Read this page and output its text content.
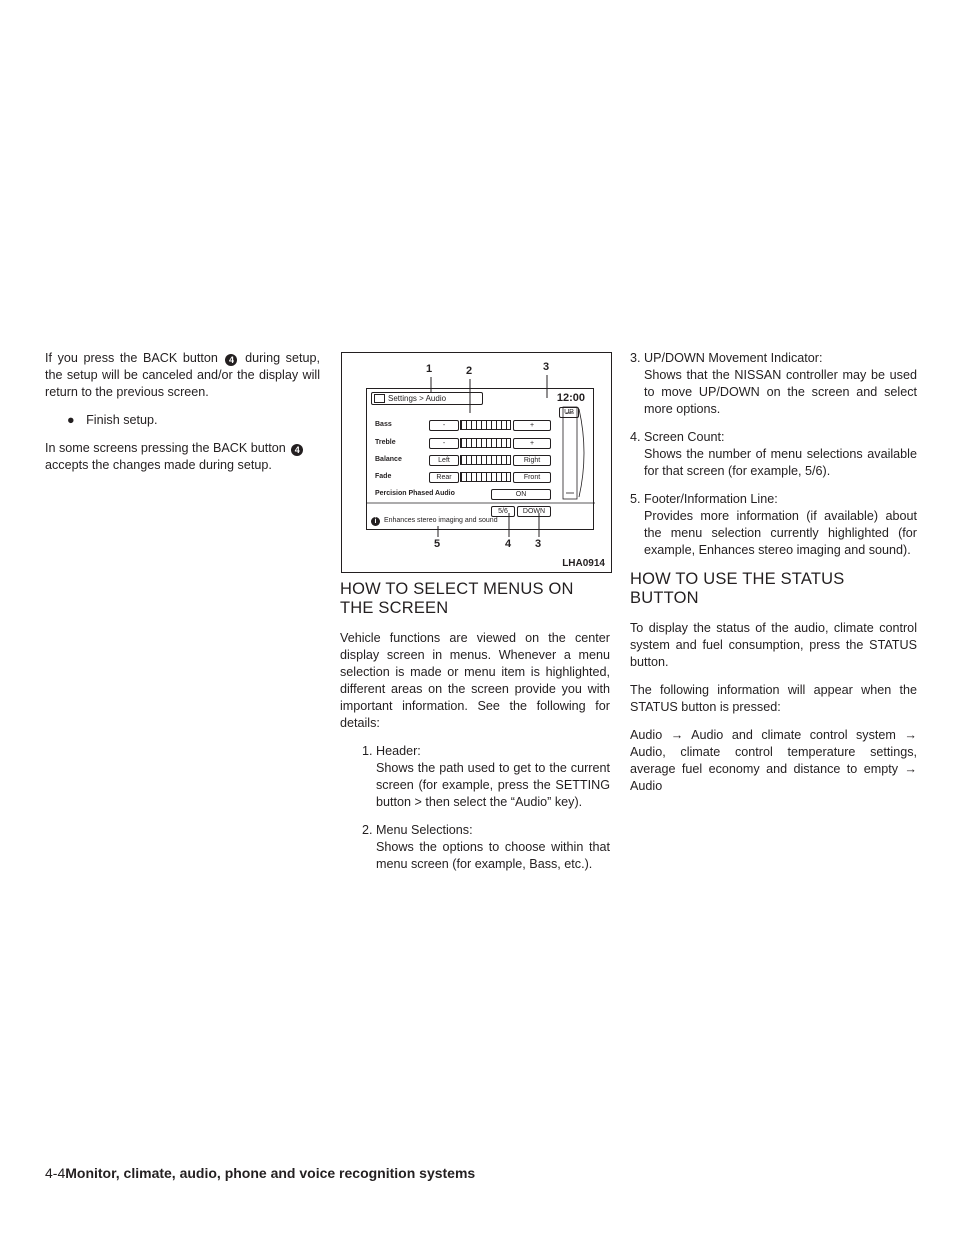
If you press the BACK button 4 during setup, the setup will be canceled and/or the display will return to the previous screen.

● Finish setup.

In some screens pressing the BACK button 4 accepts the changes made during setup.

1	2	3
5	4 3
Settings > Audio	12:00
UP
Bass	-	+
Treble	-	+
Balance	Left	Right
Fade	Rear	Front
Percision Phased Audio	ON
5/6	DOWN
i Enhances stereo imaging and sound
LHA0914
HOW TO SELECT MENUS ON THE SCREEN

Vehicle functions are viewed on the center display screen in menus. Whenever a menu selection is made or menu item is highlighted, different areas on the screen provide you with important information. See the following for details:

1. Header:
Shows the path used to get to the current screen (for example, press the SETTING button > then select the “Audio” key).
2. Menu Selections:
Shows the options to choose within that menu screen (for example, Bass, etc.).
3. UP/DOWN Movement Indicator:
Shows that the NISSAN controller may be used to move UP/DOWN on the screen and select more options.
4. Screen Count:
Shows the number of menu selections available for that screen (for example, 5/6).
5. Footer/Information Line:
Provides more information (if available) about the menu selection currently highlighted (for example, Enhances stereo imaging and sound).
HOW TO USE THE STATUS BUTTON

To display the status of the audio, climate control system and fuel consumption, press the STATUS button.

The following information will appear when the STATUS button is pressed:

Audio → Audio and climate control system → Audio, climate control temperature settings, average fuel economy and distance to empty → Audio

4-4Monitor, climate, audio, phone and voice recognition systems
